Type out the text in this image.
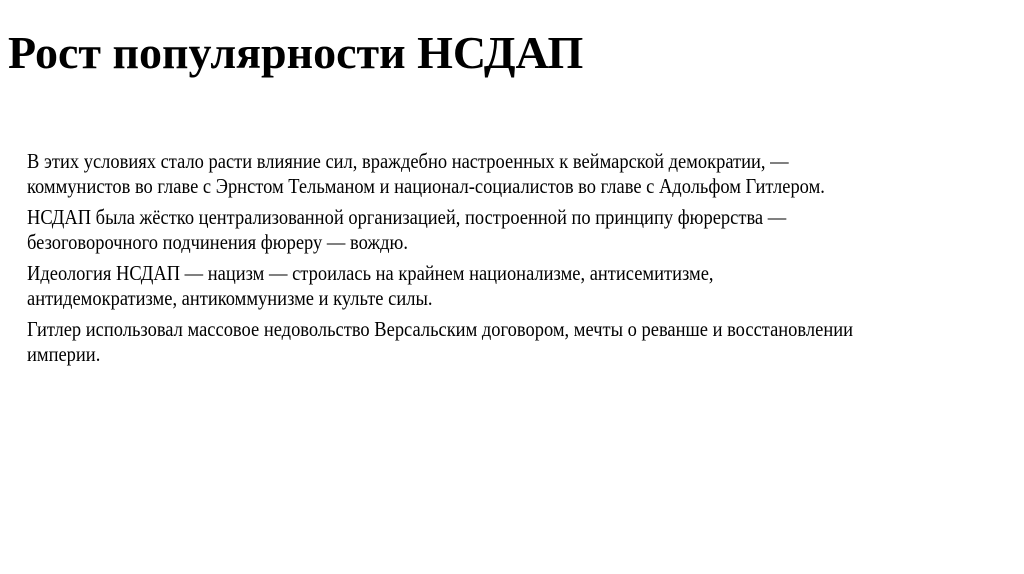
Рост популярности НСДАП

В этих условиях стало расти влияние сил, враждебно настроенных к веймарской демократии, —
коммунистов во главе с Эрнстом Тельманом и национал-социалистов во главе с Адольфом Гитлером.

НСДАП была жёстко централизованной организацией, построенной по принципу фюрерства —
безоговорочного подчинения фюреру — вождю.

Идеология НСДАП — нацизм — строилась на крайнем национализме, антисемитизме,
антидемократизме, антикоммунизме и культе силы.

Гитлер использовал массовое недовольство Версальским договором, мечты о реванше и восстановлении
империи.
